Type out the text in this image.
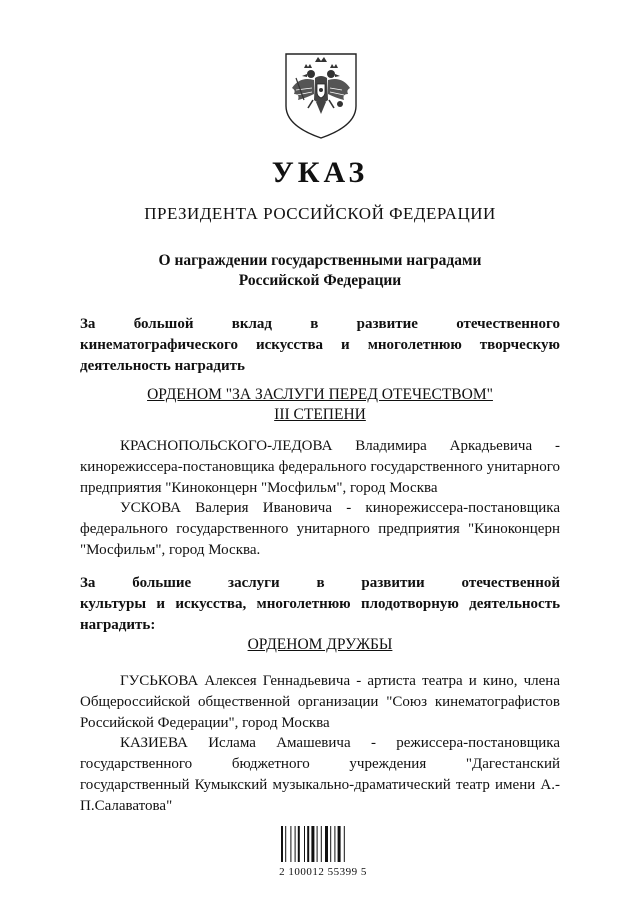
УКАЗ
ПРЕЗИДЕНТА РОССИЙСКОЙ ФЕДЕРАЦИИ
О награждении государственными наградами
Российской Федерации
За большой вклад в развитие отечественного
кинематографического искусства и многолетнюю творческую
деятельность наградить
ОРДЕНОМ "ЗА ЗАСЛУГИ ПЕРЕД ОТЕЧЕСТВОМ"
III СТЕПЕНИ
КРАСНОПОЛЬСКОГО-ЛЕДОВА Владимира Аркадьевича - кинорежиссера-постановщика федерального государственного унитарного предприятия "Киноконцерн "Мосфильм", город Москва
УСКОВА Валерия Ивановича - кинорежиссера-постановщика федерального государственного унитарного предприятия "Киноконцерн "Мосфильм", город Москва.
За большие заслуги в развитии отечественной
культуры и искусства, многолетнюю плодотворную деятельность
наградить:
ОРДЕНОМ ДРУЖБЫ
ГУСЬКОВА Алексея Геннадьевича - артиста театра и кино, члена Общероссийской общественной организации "Союз кинематографистов Российской Федерации", город Москва
КАЗИЕВА Ислама Амашевича - режиссера-постановщика государственного бюджетного учреждения "Дагестанский государственный Кумыкский музыкально-драматический театр имени А.-П.Салаватова"
2 100012 55399 5
